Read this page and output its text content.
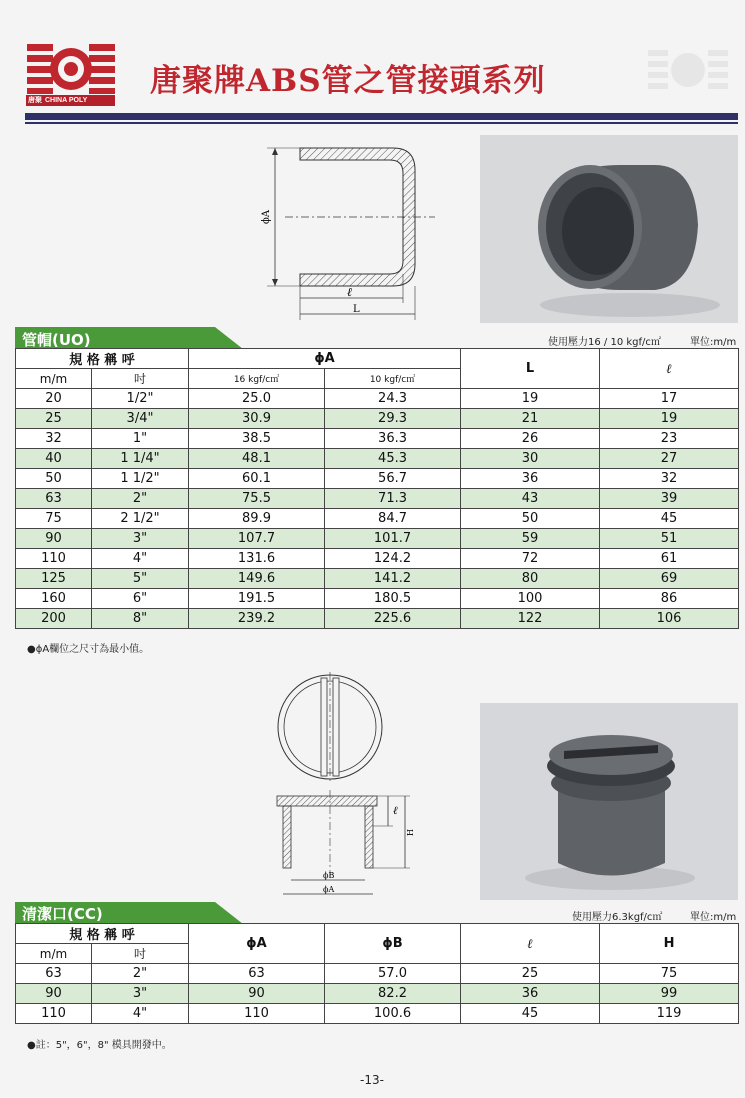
唐聚 CHINA POLY
唐聚牌ABS管之管接頭系列
ϕA
ℓ
L
管帽(UO)	使用壓力16 / 10 kgf/c㎡	單位:m/m
規 格 稱 呼		ϕA		L	ℓ
m/m	吋	16 kgf/c㎡	10 kgf/c㎡		
20	1/2"	25.0	24.3	19	17
25	3/4"	30.9	29.3	21	19
32	1"	38.5	36.3	26	23
40	1 1/4"	48.1	45.3	30	27
50	1 1/2"	60.1	56.7	36	32
63	2"	75.5	71.3	43	39
75	2 1/2"	89.9	84.7	50	45
90	3"	107.7	101.7	59	51
110	4"	131.6	124.2	72	61
125	5"	149.6	141.2	80	69
160	6"	191.5	180.5	100	86
200	8"	239.2	225.6	122	106
●ϕA欄位之尺寸為最小值。
ℓ
H
ϕB
ϕA
清潔口(CC)	使用壓力6.3kgf/c㎡	單位:m/m
規 格 稱 呼		ϕA	ϕB	ℓ	H
m/m	吋				
63	2"	63	57.0	25	75
90	3"	90	82.2	36	99
110	4"	110	100.6	45	119
●註：5"，6"，8" 模具開發中。
-13-
